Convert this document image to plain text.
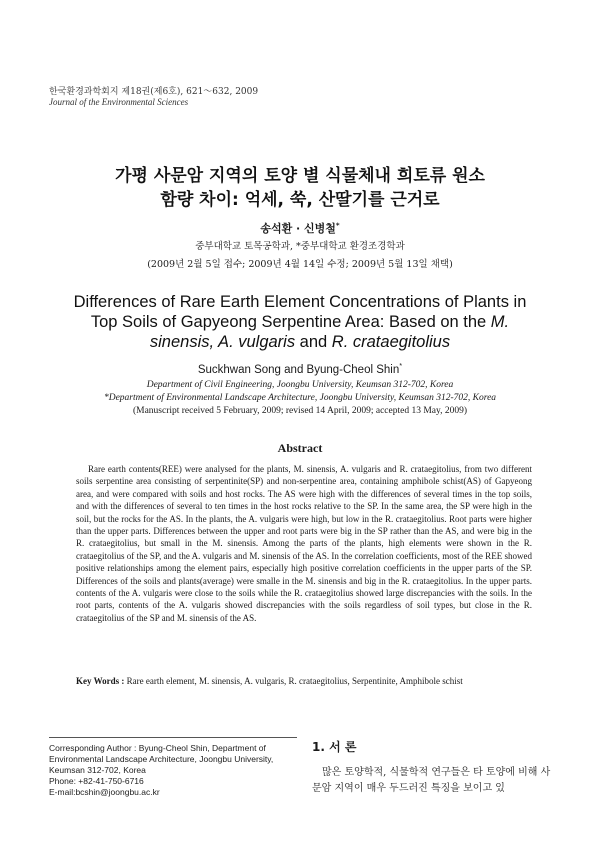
한국환경과학회지 제18권(제6호), 621～632, 2009
Journal of the Environmental Sciences
가평 사문암 지역의 토양 별 식물체내 희토류 원소
함량 차이: 억세, 쑥, 산딸기를 근거로
송석환 · 신병철*
중부대학교 토목공학과, *중부대학교 환경조경학과
(2009년 2월 5일 접수; 2009년 4월 14일 수정; 2009년 5월 13일 채택)
Differences of Rare Earth Element Concentrations of Plants in
Top Soils of Gapyeong Serpentine Area: Based on the M.
sinensis, A. vulgaris and R. crataegitolius
Suckhwan Song and Byung-Cheol Shin*
Department of Civil Engineering, Joongbu University, Keumsan 312-702, Korea
*Department of Environmental Landscape Architecture, Joongbu University, Keumsan 312-702, Korea
(Manuscript received 5 February, 2009; revised 14 April, 2009; accepted 13 May, 2009)
Abstract
Rare earth contents(REE) were analysed for the plants, M. sinensis, A. vulgaris and R. crataegitolius, from two different soils serpentine area consisting of serpentinite(SP) and non-serpentine area, containing amphibole schist(AS) of Gapyeong area, and were compared with soils and host rocks. The AS were high with the differences of several times in the top soils, and with the differences of several to ten times in the host rocks relative to the SP. In the same area, the SP were high in the soil, but the rocks for the AS. In the plants, the A. vulgaris were high, but low in the R. crataegitolius. Root parts were higher than the upper parts. Differences between the upper and root parts were big in the SP rather than the AS, and were big in the R. crataegitolius, but small in the M. sinensis. Among the parts of the plants, high elements were shown in the R. crataegitolius of the SP, and the A. vulgaris and M. sinensis of the AS. In the correlation coefficients, most of the REE showed positive relationships among the element pairs, especially high positive correlation coefficients in the upper parts of the SP. Differences of the soils and plants(average) were smalle in the M. sinensis and big in the R. crataegitolius. In the upper parts. contents of the A. vulgaris were close to the soils while the R. crataegitolius showed large discrepancies with the soils. In the root parts, contents of the A. vulgaris showed discrepancies with the soils regardless of soil types, but close in the R. crataegitolius of the SP and M. sinensis of the AS.
Key Words : Rare earth element, M. sinensis, A. vulgaris, R. crataegitolius, Serpentinite, Amphibole schist
Corresponding Author : Byung-Cheol Shin, Department of
Environmental Landscape Architecture, Joongbu University,
Keumsan 312-702, Korea
Phone: +82-41-750-6716
E-mail:bcshin@joongbu.ac.kr
1. 서 론
많은 토양학적, 식물학적 연구들은 타 토양에 비해 사문암 지역이 매우 두드러진 특징을 보이고 있
